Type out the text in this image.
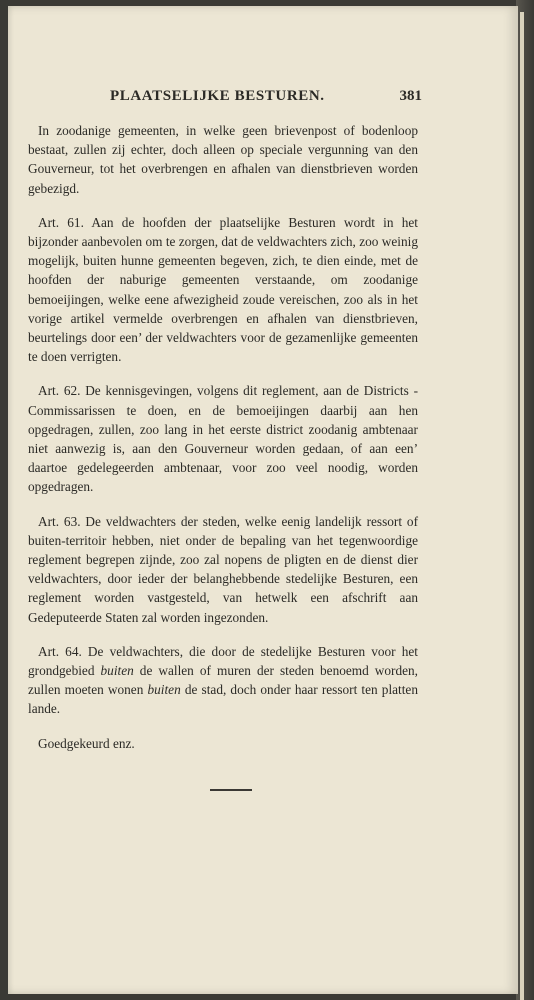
PLAATSELIJKE BESTUREN.	381

In zoodanige gemeenten, in welke geen brievenpost of bodenloop bestaat, zullen zij echter, doch alleen op speciale vergunning van den Gouverneur, tot het overbrengen en afhalen van dienstbrieven worden gebezigd.

Art. 61. Aan de hoofden der plaatselijke Besturen wordt in het bijzonder aanbevolen om te zorgen, dat de veldwachters zich, zoo weinig mogelijk, buiten hunne gemeenten begeven, zich, te dien einde, met de hoofden der naburige gemeenten verstaande, om zoodanige bemoeijingen, welke eene afwezigheid zoude vereischen, zoo als in het vorige artikel vermelde overbrengen en afhalen van dienstbrieven, beurtelings door een’ der veldwachters voor de gezamenlijke gemeenten te doen verrigten.

Art. 62. De kennisgevingen, volgens dit reglement, aan de Districts - Commissarissen te doen, en de bemoeijingen daarbij aan hen opgedragen, zullen, zoo lang in het eerste district zoodanig ambtenaar niet aanwezig is, aan den Gouverneur worden gedaan, of aan een’ daartoe gedelegeerden ambtenaar, voor zoo veel noodig, worden opgedragen.

Art. 63. De veldwachters der steden, welke eenig landelijk ressort of buiten-territoir hebben, niet onder de bepaling van het tegenwoordige reglement begrepen zijnde, zoo zal nopens de pligten en de dienst dier veldwachters, door ieder der belanghebbende stedelijke Besturen, een reglement worden vastgesteld, van hetwelk een afschrift aan Gedeputeerde Staten zal worden ingezonden.

Art. 64. De veldwachters, die door de stedelijke Besturen voor het grondgebied buiten de wallen of muren der steden benoemd worden, zullen moeten wonen buiten de stad, doch onder haar ressort ten platten lande.

Goedgekeurd enz.
